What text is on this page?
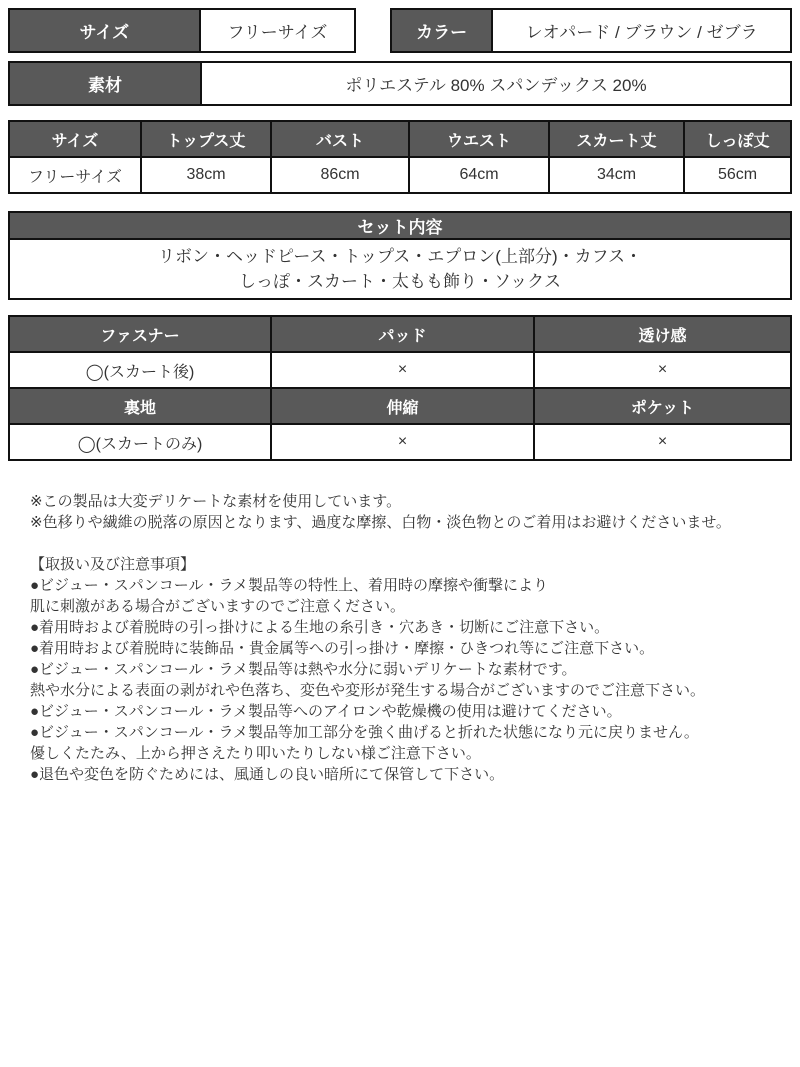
サイズ	フリーサイズ	カラー	レオパード / ブラウン / ゼブラ
素材	ポリエステル 80% スパンデックス 20%
サイズ	トップス丈	バスト	ウエスト	スカート丈	しっぽ丈
フリーサイズ	38cm	86cm	64cm	34cm	56cm
セット内容

リボン・ヘッドピース・トップス・エプロン(上部分)・カフス・
しっぽ・スカート・太もも飾り・ソックス
ファスナー	パッド	透け感
◯(スカート後)	×	×
裏地	伸縮	ポケット
◯(スカートのみ)	×	×
※この製品は大変デリケートな素材を使用しています。
※色移りや繊維の脱落の原因となります、過度な摩擦、白物・淡色物とのご着用はお避けくださいませ。
【取扱い及び注意事項】
●ビジュー・スパンコール・ラメ製品等の特性上、着用時の摩擦や衝撃により
肌に刺激がある場合がございますのでご注意ください。
●着用時および着脱時の引っ掛けによる生地の糸引き・穴あき・切断にご注意下さい。
●着用時および着脱時に装飾品・貴金属等への引っ掛け・摩擦・ひきつれ等にご注意下さい。
●ビジュー・スパンコール・ラメ製品等は熱や水分に弱いデリケートな素材です。
熱や水分による表面の剥がれや色落ち、変色や変形が発生する場合がございますのでご注意下さい。
●ビジュー・スパンコール・ラメ製品等へのアイロンや乾燥機の使用は避けてください。
●ビジュー・スパンコール・ラメ製品等加工部分を強く曲げると折れた状態になり元に戻りません。
優しくたたみ、上から押さえたり叩いたりしない様ご注意下さい。
●退色や変色を防ぐためには、風通しの良い暗所にて保管して下さい。
